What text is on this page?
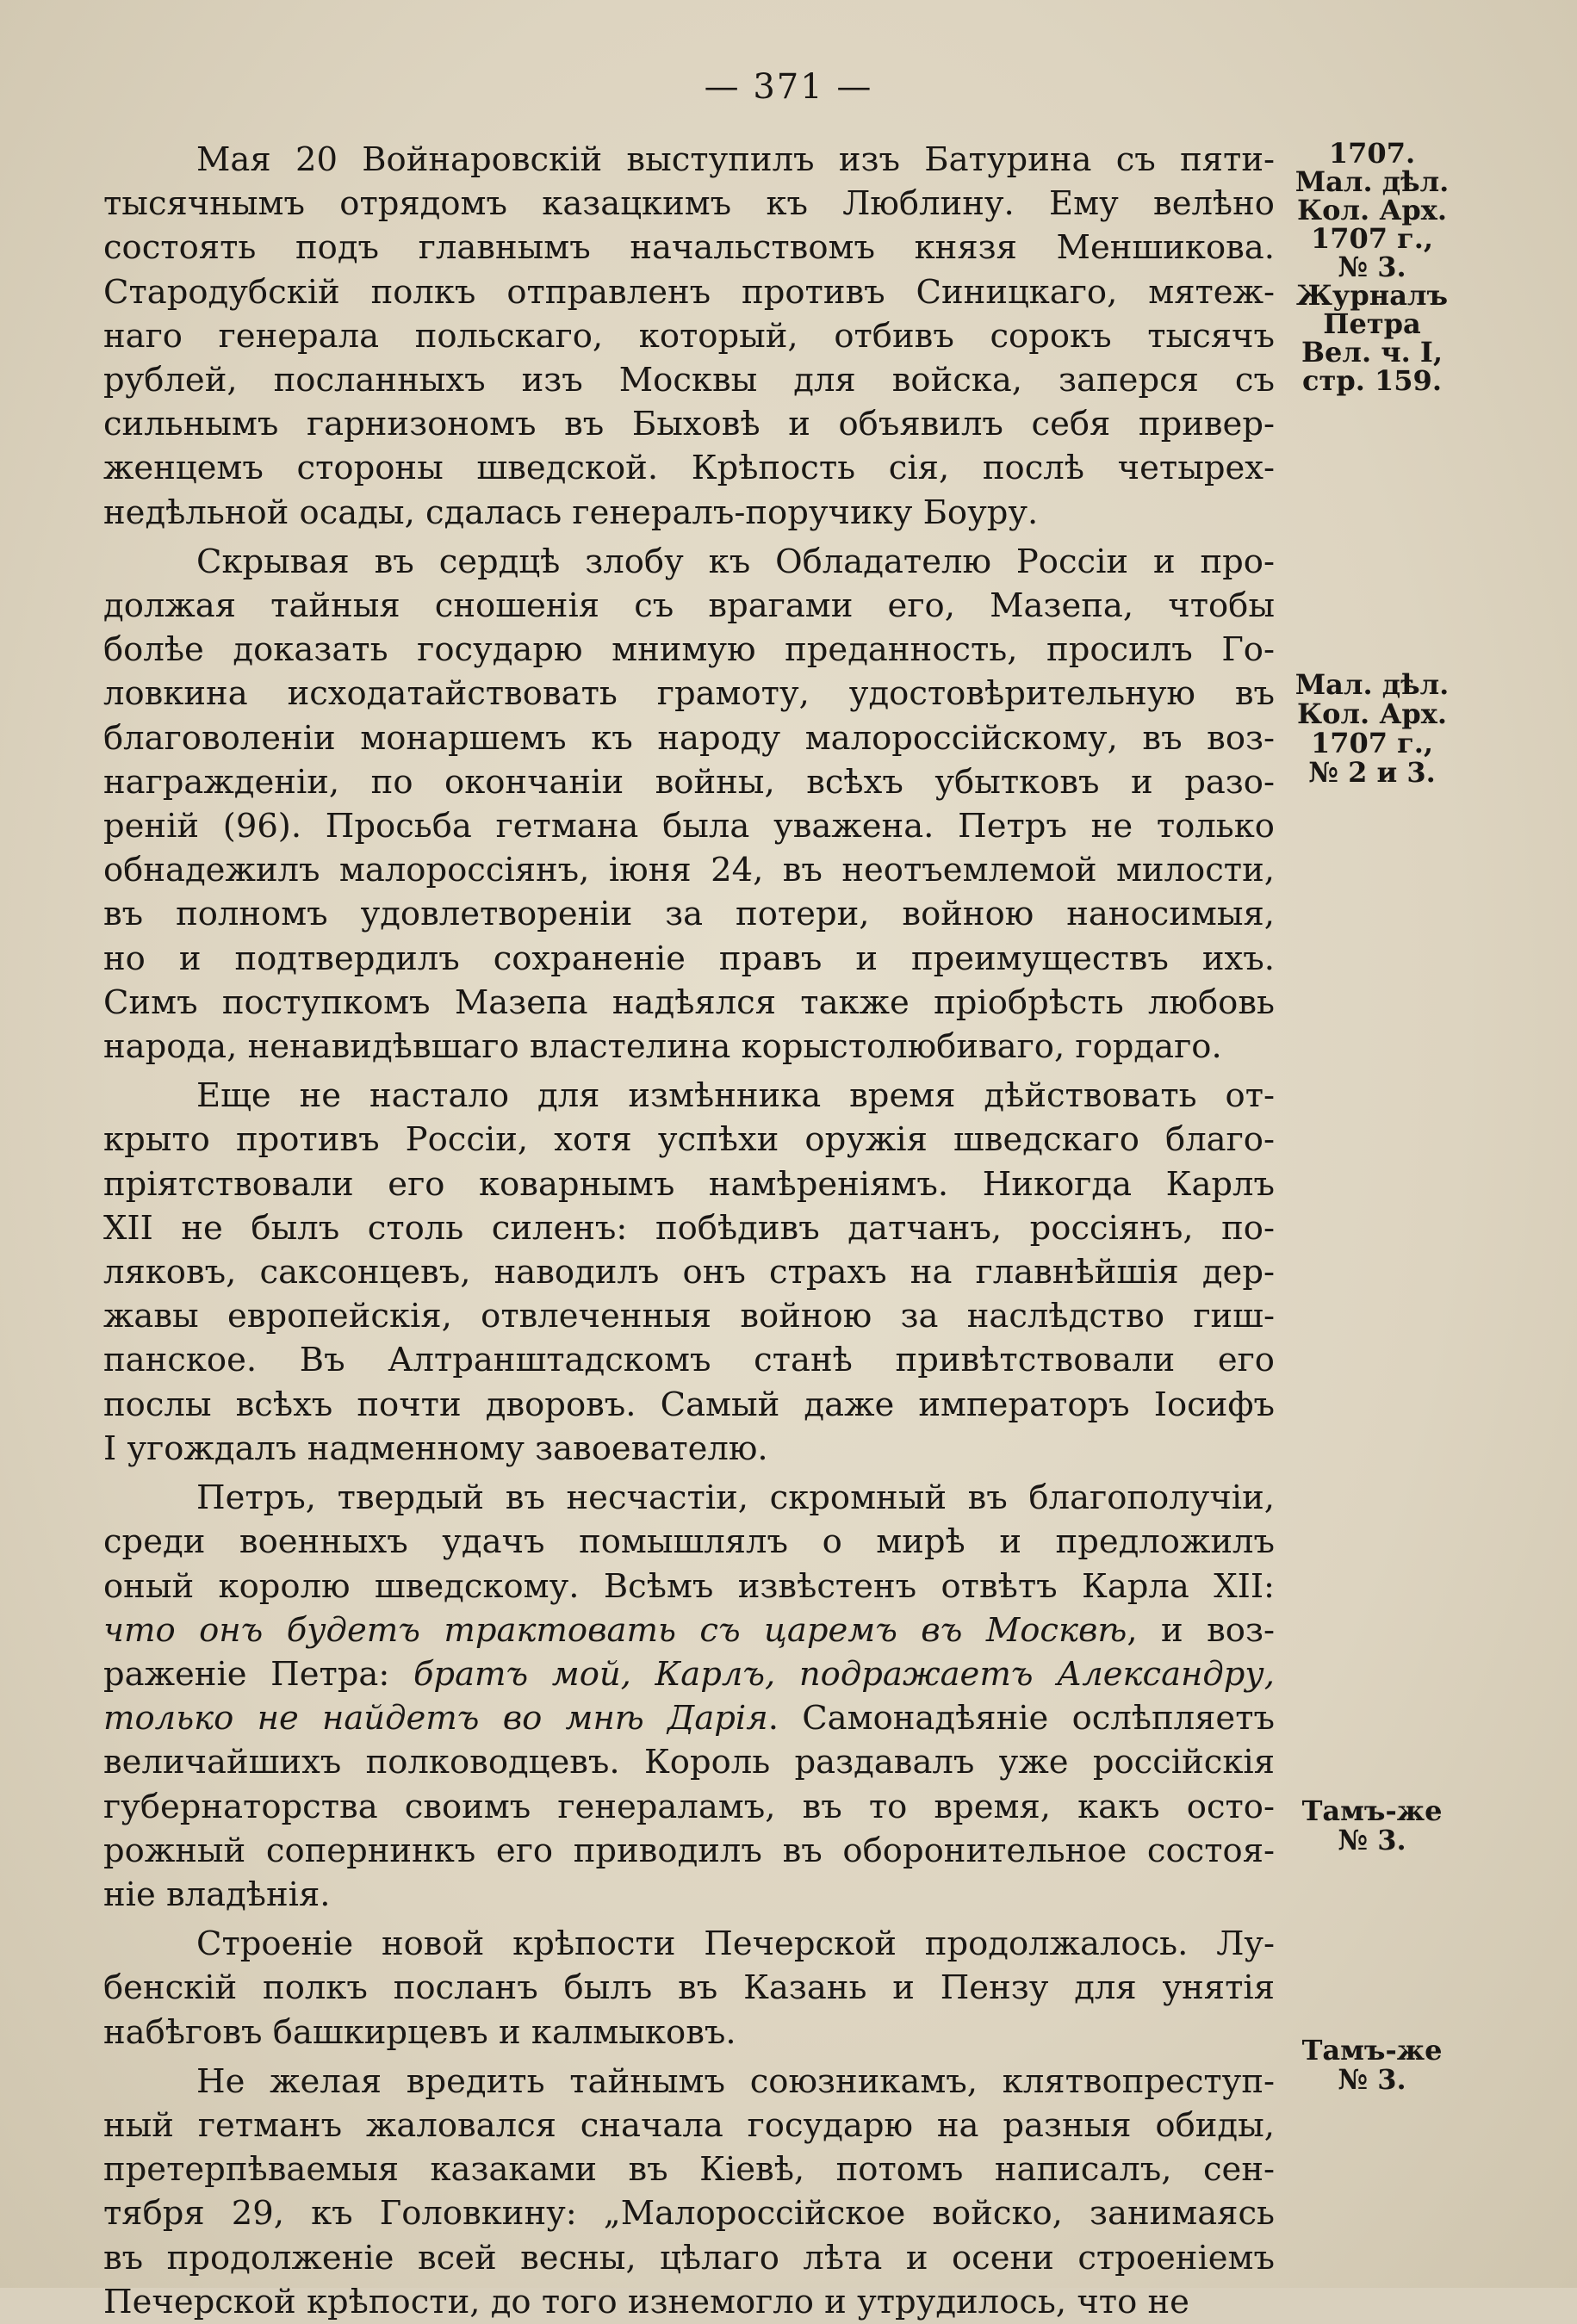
— 371 —

Мая 20 Войнаровскій выступилъ изъ Батурина съ пяти-
тысячнымъ отрядомъ казацкимъ къ Люблину. Ему велѣно
состоять подъ главнымъ начальствомъ князя Меншикова.
Стародубскій полкъ отправленъ противъ Синицкаго, мятеж-
наго генерала польскаго, который, отбивъ сорокъ тысячъ
рублей, посланныхъ изъ Москвы для войска, заперся съ
сильнымъ гарнизономъ въ Быховѣ и объявилъ себя привер-
женцемъ стороны шведской. Крѣпость сія, послѣ четырех-
недѣльной осады, сдалась генералъ-поручику Боуру.

Скрывая въ сердцѣ злобу къ Обладателю Россіи и про-
должая тайныя сношенія съ врагами его, Мазепа, чтобы
болѣе доказать государю мнимую преданность, просилъ Го-
ловкина исходатайствовать грамоту, удостовѣрительную въ
благоволеніи монаршемъ къ народу малороссійскому, въ воз-
награжденіи, по окончаніи войны, всѣхъ убытковъ и разо-
реній (96). Просьба гетмана была уважена. Петръ не только
обнадежилъ малороссіянъ, іюня 24, въ неотъемлемой милости,
въ полномъ удовлетвореніи за потери, войною наносимыя,
но и подтвердилъ сохраненіе правъ и преимуществъ ихъ.
Симъ поступкомъ Мазепа надѣялся также пріобрѣсть любовь
народа, ненавидѣвшаго властелина корыстолюбиваго, гордаго.

Еще не настало для измѣнника время дѣйствовать от-
крыто противъ Россіи, хотя успѣхи оружія шведскаго благо-
пріятствовали его коварнымъ намѣреніямъ. Никогда Карлъ
XII не былъ столь силенъ: побѣдивъ датчанъ, россіянъ, по-
ляковъ, саксонцевъ, наводилъ онъ страхъ на главнѣйшія дер-
жавы европейскія, отвлеченныя войною за наслѣдство гиш-
панское. Въ Алтранштадскомъ станѣ привѣтствовали его
послы всѣхъ почти дворовъ. Самый даже императоръ Іосифъ
I угождалъ надменному завоевателю.

Петръ, твердый въ несчастіи, скромный въ благополучіи,
среди военныхъ удачъ помышлялъ о мирѣ и предложилъ
оный королю шведскому. Всѣмъ извѣстенъ отвѣтъ Карла XII:
что онъ будетъ трактовать съ царемъ въ Москвѣ, и воз-
раженіе Петра: братъ мой, Карлъ, подражаетъ Александру,
только не найдетъ во мнѣ Дарія. Самонадѣяніе ослѣпляетъ
величайшихъ полководцевъ. Король раздавалъ уже россійскія
губернаторства своимъ генераламъ, въ то время, какъ осто-
рожный сопернинкъ его приводилъ въ оборонительное состоя-
ніе владѣнія.

Строеніе новой крѣпости Печерской продолжалось. Лу-
бенскій полкъ посланъ былъ въ Казань и Пензу для унятія
набѣговъ башкирцевъ и калмыковъ.

Не желая вредить тайнымъ союзникамъ, клятвопреступ-
ный гетманъ жаловался сначала государю на разныя обиды,
претерпѣваемыя казаками въ Кіевѣ, потомъ написалъ, сен-
тября 29, къ Головкину: „Малороссійское войско, занимаясь
въ продолженіе всей весны, цѣлаго лѣта и осени строеніемъ
Печерской крѣпости, до того изнемогло и утрудилось, что не

1707.
Мал. дѣл.
Кол. Арх.
1707 г.,
№ 3.
Журналъ
Петра
Вел. ч. I,
стр. 159.
Мал. дѣл.
Кол. Арх.
1707 г.,
№ 2 и 3.
Тамъ-же
№ 3.
Тамъ-же
№ 3.
